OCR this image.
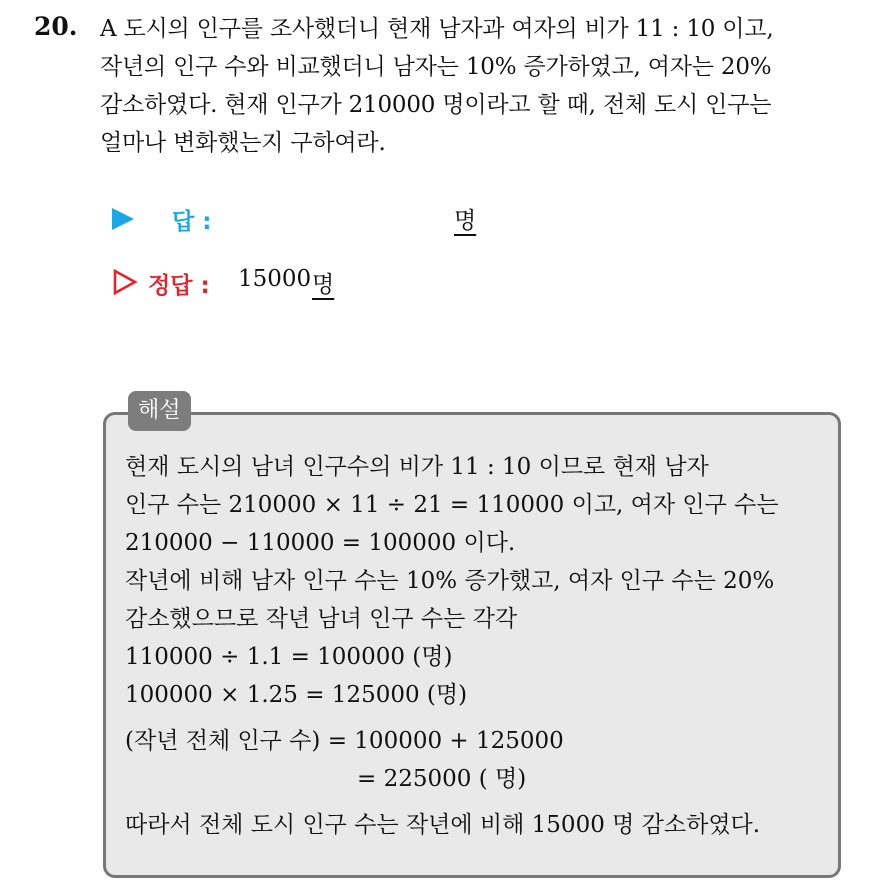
20. A 도시의 인구를 조사했더니 현재 남자과 여자의 비가 11 : 10 이고,
작년의 인구 수와 비교했더니 남자는 10% 증가하였고, 여자는 20%
감소하였다. 현재 인구가 210000 명이라고 할 때, 전체 도시 인구는
얼마나 변화했는지 구하여라.
답 :	명
정답 : 15000 명
해설
현재 도시의 남녀 인구수의 비가 11 : 10 이므로 현재 남자
인구 수는 210000 × 11 ÷ 21 = 110000 이고, 여자 인구 수는
210000 − 110000 = 100000 이다.
작년에 비해 남자 인구 수는 10% 증가했고, 여자 인구 수는 20%
감소했으므로 작년 남녀 인구 수는 각각
110000 ÷ 1.1 = 100000 (명)
100000 × 1.25 = 125000 (명)
(작년 전체 인구 수) = 100000 + 125000
= 225000 ( 명)
따라서 전체 도시 인구 수는 작년에 비해 15000 명 감소하였다.
